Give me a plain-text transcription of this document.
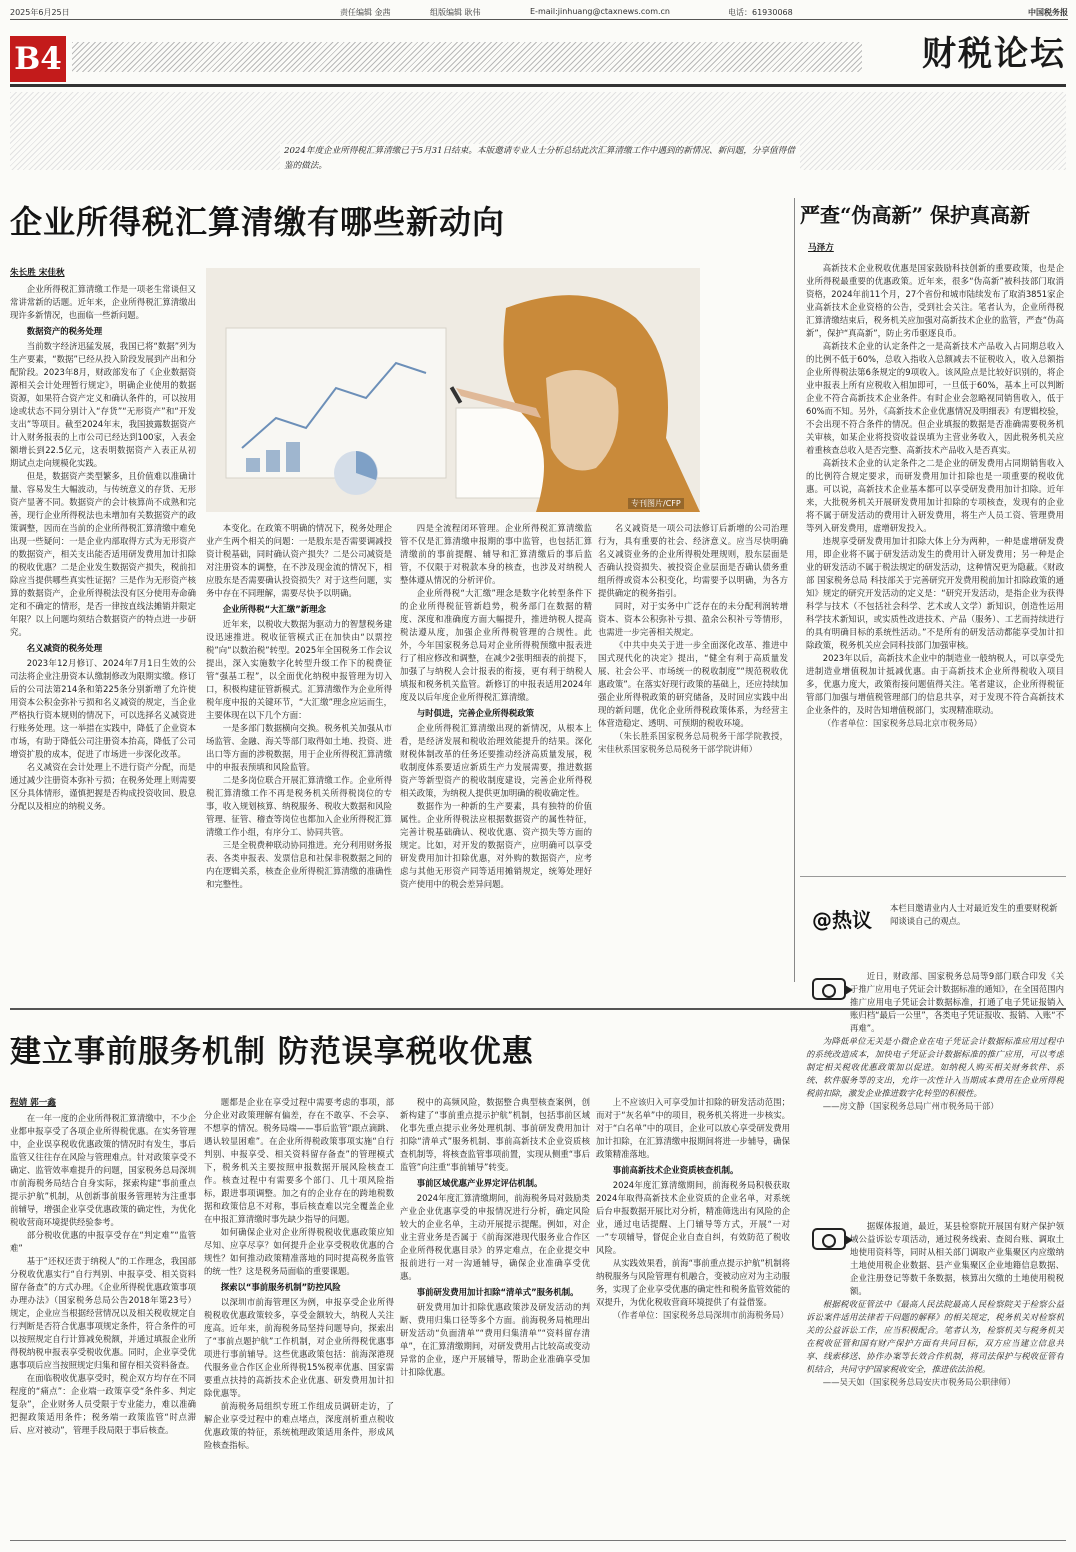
2025年6月25日	责任编辑 金茜	组版编辑 耿伟	E-mail:jinhuang@ctaxnews.com.cn	电话：61930068	中国税务报
B4	财税论坛
2024年度企业所得税汇算清缴已于5月31日结束。本版邀请专业人士分析总结此次汇算清缴工作中遇到的新情况、新问题，分享值得借鉴的做法。
企业所得税汇算清缴有哪些新动向
朱长胜 宋佳秋
专刊图片/CFP

企业所得税汇算清缴工作是一项老生常谈但又常讲常新的话题。近年来，企业所得税汇算清缴出现许多新情况，也面临一些新问题。

数据资产的税务处理

当前数字经济迅猛发展，我国已将“数据”列为生产要素，“数据”已经从投入阶段发展到产出和分配阶段。2023年8月，财政部发布了《企业数据资源相关会计处理暂行规定》，明确企业使用的数据资源，如果符合资产定义和确认条件的，可以按用途或状态不同分别计入“存货”“无形资产”和“开发支出”等项目。截至2024年末，我国披露数据资产计入财务报表的上市公司已经达到100家，入表金额增长到22.5亿元，这表明数据资产入表正从初期试点走向规模化实践。

但是，数据资产类型繁多，且价值难以准确计量、容易发生大幅波动，与传统意义的存货、无形资产显著不同。数据资产的会计核算尚不成熟和完善，现行企业所得税法也未增加有关数据资产的政策调整，因而在当前的企业所得税汇算清缴中难免出现一些疑问：一是企业内部取得方式为无形资产的数据资产，相关支出能否适用研发费用加计扣除的税收优惠？二是企业发生数据资产损失，税前扣除应当提供哪些真实性证据？三是作为无形资产核算的数据资产，企业所得税法没有区分使用寿命确定和不确定的情形，是否一律按直线法摊销并限定年限？以上问题均须结合数据资产的特点进一步研究。

名义减资的税务处理

2023年12月修订、2024年7月1日生效的公司法将企业注册资本认缴制修改为限期实缴。修订后的公司法第214条和第225条分别新增了允许使用资本公积金弥补亏损和名义减资的规定，当企业严格执行资本规则的情况下，可以选择名义减资进行账务处理。这一举措在实践中，降低了企业资本市场，有助于降低公司注册资本抬高，降低了公司增资扩股的成本，促进了市场进一步深化改革。

名义减资在会计处理上不进行资产分配，而是通过减少注册资本弥补亏损；在税务处理上则需要区分具体情形，谨慎把握是否构成投资收回、股息分配以及相应的纳税义务。

本变化。在政策不明确的情况下，税务处理企业产生两个相关的问题：一是股东是否需要调减投资计税基础，同时确认资产损失？二是公司减资是对注册资本的调整，在不涉及现金流的情况下，相应股东是否需要确认投资损失？对于这些问题，实务中存在不同理解，需要尽快予以明确。

企业所得税“大汇缴”新理念

近年来，以税收大数据为驱动力的智慧税务建设迅速推进。税收征管模式正在加快由“以票控税”向“以数治税”转型。2025年全国税务工作会议提出，深入实施数字化转型升级工作下的税费征管“强基工程”，以全面优化纳税申报管理为切入口，积极构建征管新模式。汇算清缴作为企业所得税年度申报的关键环节，“大汇缴”理念应运而生，主要体现在以下几个方面：

一是多部门数据横向交换。税务机关加强从市场监管、金融、海关等部门取得如土地、投资、进出口等方面的涉税数据，用于企业所得税汇算清缴中的申报表预填和风险监管。

二是多岗位联合开展汇算清缴工作。企业所得税汇算清缴工作不再是税务机关所得税岗位的专事，收入规划核算、纳税服务、税收大数据和风险管理、征管、稽查等岗位也都加入企业所得税汇算清缴工作小组，有序分工、协同共管。

三是全税费种联动协同推进。充分利用财务报表、各类申报表、发票信息和社保非税数据之间的内在逻辑关系，核查企业所得税汇算清缴的准确性和完整性。

四是全流程闭环管理。企业所得税汇算清缴监管不仅是汇算清缴申报期的事中监管，也包括汇算清缴前的事前提醒、辅导和汇算清缴后的事后监管，不仅限于对税款本身的核查，也涉及对纳税人整体遵从情况的分析评价。

企业所得税“大汇缴”理念是数字化转型条件下的企业所得税征管新趋势，税务部门在数据的精度、深度和准确度方面大幅提升，推进纳税人提高税法遵从度，加强企业所得税管理的合规性。此外，今年国家税务总局对企业所得税预缴申报表进行了相应修改和调整，在减少2张明细表的前提下，加强了与纳税人会计报表的衔接，更有利于纳税人填报和税务机关监管。新修订的申报表适用2024年度及以后年度企业所得税汇算清缴。

与时俱进，完善企业所得税政策

企业所得税汇算清缴出现的新情况，从根本上看，是经济发展和税收治理效能提升的结果。深化财税体制改革的任务还要推动经济高质量发展，税收制度体系要适应新质生产力发展需要，推进数据资产等新型资产的税收制度建设，完善企业所得税相关政策，为纳税人提供更加明确的税收确定性。

数据作为一种新的生产要素，具有独特的价值属性。企业所得税法应根据数据资产的属性特征，完善计税基础确认、税收优惠、资产损失等方面的规定。比如，对开发的数据资产，应明确可以享受研发费用加计扣除优惠，对外购的数据资产，应考虑与其他无形资产同等适用摊销规定，统筹处理好资产使用中的税会差异问题。

名义减资是一项公司法修订后新增的公司治理行为，具有重要的社会、经济意义。应当尽快明确名义减资业务的企业所得税处理规则，股东层面是否确认投资损失、被投资企业层面是否确认债务重组所得或资本公积变化，均需要予以明确，为各方提供确定的税务指引。

同时，对于实务中广泛存在的未分配利润转增资本、资本公积弥补亏损、盈余公积补亏等情形，也需进一步完善相关规定。

《中共中央关于进一步全面深化改革、推进中国式现代化的决定》提出，“健全有利于高质量发展、社会公平、市场统一的税收制度”“规范税收优惠政策”。在落实好现行政策的基础上，还应持续加强企业所得税政策的研究储备，及时回应实践中出现的新问题，优化企业所得税政策体系，为经营主体营造稳定、透明、可预期的税收环境。

（朱长胜系国家税务总局税务干部学院教授，宋佳秋系国家税务总局税务干部学院讲师）

严查“伪高新” 保护真高新
马泽方

高新技术企业税收优惠是国家鼓励科技创新的重要政策，也是企业所得税最重要的优惠政策。近年来，很多“伪高新”被科技部门取消资格，2024年前11个月，27个省份和城市陆续发布了取消3851家企业高新技术企业资格的公告，受到社会关注。笔者认为，企业所得税汇算清缴结束后，税务机关应加强对高新技术企业的监管，严查“伪高新”，保护“真高新”，防止劣币驱逐良币。

高新技术企业的认定条件之一是高新技术产品收入占同期总收入的比例不低于60%，总收入指收入总额减去不征税收入，收入总额指企业所得税法第6条规定的9项收入。该风险点是比较好识别的，将企业申报表上所有应税收入相加即可，一旦低于60%，基本上可以判断企业不符合高新技术企业条件。有时企业会忽略视同销售收入，低于60%而不知。另外，《高新技术企业优惠情况及明细表》有逻辑校验，不会出现不符合条件的情况。但企业填报的数据是否准确需要税务机关审核，如某企业将投资收益误填为主营业务收入，因此税务机关应着重核查总收入是否完整、高新技术产品收入是否真实。

高新技术企业的认定条件之二是企业的研发费用占同期销售收入的比例符合规定要求，而研发费用加计扣除也是一项重要的税收优惠。可以说，高新技术企业基本都可以享受研发费用加计扣除。近年来，大批税务机关开展研发费用加计扣除的专项核查，发现有的企业将不属于研发活动的费用计入研发费用，将生产人员工资、管理费用等列入研发费用，虚增研发投入。

违规享受研发费用加计扣除大体上分为两种，一种是虚增研发费用，即企业将不属于研发活动发生的费用计入研发费用；另一种是企业的研发活动不属于税法规定的研发活动，这种情况更为隐蔽。《财政部 国家税务总局 科技部关于完善研究开发费用税前加计扣除政策的通知》规定的研究开发活动的定义是：“研究开发活动，是指企业为获得科学与技术（不包括社会科学、艺术或人文学）新知识，创造性运用科学技术新知识，或实质性改进技术、产品（服务）、工艺而持续进行的具有明确目标的系统性活动。”不是所有的研发活动都能享受加计扣除政策，税务机关应会同科技部门加强审核。

2023年以后，高新技术企业中的制造业一般纳税人，可以享受先进制造业增值税加计抵减优惠。由于高新技术企业所得税收入项目多，优惠力度大，政策衔接问题值得关注。笔者建议，企业所得税征管部门加强与增值税管理部门的信息共享，对于发现不符合高新技术企业条件的，及时告知增值税部门，实现精准联动。

（作者单位：国家税务总局北京市税务局）

@热议 本栏目邀请业内人士对最近发生的重要财税新闻谈谈自己的观点。

近日，财政部、国家税务总局等9部门联合印发《关于推广应用电子凭证会计数据标准的通知》，在全国范围内推广应用电子凭证会计数据标准，打通了电子凭证报销入账归档“最后一公里”，各类电子凭证报收、报销、入账“不再难”。

为降低单位无关是小微企业在电子凭证会计数据标准应用过程中的系统改造成本，加快电子凭证会计数据标准的推广应用，可以考虑制定相关税收优惠政策加以促进。如纳税人购买相关财务软件、系统、软件服务等的支出，允许一次性计入当期成本费用在企业所得税税前扣除，激发企业推进数字化转型的积极性。

——房文静（国家税务总局广州市税务局干部）

据媒体报道，最近，某县检察院开展国有财产保护领域公益诉讼专项活动，通过税务线索、查阅台账、调取土地使用资料等，同时从相关部门调取产业集聚区内应缴纳土地使用税企业数据、县产业集聚区企业地籍信息数据、企业注册登记等数千条数据，核算出欠缴的土地使用税税额。

根据税收征管法中《最高人民法院最高人民检察院关于检察公益诉讼案件适用法律若干问题的解释》的相关规定，税务机关对检察机关的公益诉讼工作，应当积极配合。笔者认为，检察机关与税务机关在税收征管和国有财产保护方面有共同目标，双方应当建立信息共享、线索移送、协作办案等长效合作机制，将司法保护与税收征管有机结合，共同守护国家税收安全，推进依法治税。

——吴天如（国家税务总局安庆市税务局公职律师）

建立事前服务机制 防范误享税收优惠
程婧 郭一鑫

在一年一度的企业所得税汇算清缴中，不少企业都申报享受了各项企业所得税优惠。在实务管理中，企业误享税收优惠政策的情况时有发生，事后监管又往往存在风险与管理难点。针对政策享受不确定、监管效率难提升的问题，国家税务总局深圳市前海税务局结合自身实际，探索构建“事前重点提示护航”机制，从创新事前服务管理转为注重事前辅导，增强企业享受优惠政策的确定性，为优化税收营商环境提供经验参考。

部分税收优惠的申报享受存在“判定难”“监管难”

基于“还权还责于纳税人”的工作理念，我国部分税收优惠实行“自行判别、申报享受、相关资料留存备查”的方式办理。《企业所得税优惠政策事项办理办法》（国家税务总局公告2018年第23号）规定，企业应当根据经营情况以及相关税收规定自行判断是否符合优惠事项规定条件，符合条件的可以按照规定自行计算减免税额，并通过填报企业所得税纳税申报表享受税收优惠。同时，企业享受优惠事项后应当按照规定归集和留存相关资料备查。

在面临税收优惠享受时，税企双方均存在不同程度的“痛点”：企业端一政策享受“条件多、判定复杂”，企业财务人员受限于专业能力，难以准确把握政策适用条件；税务端一政策监管“时点滞后、应对被动”，管理手段局限于事后核查。

题都是企业在享受过程中需要考虑的事项，部分企业对政策理解有偏差，存在不敢享、不会享、不想享的情况。税务局端——事后监管“跟点滴跳、遇认较显困难”。在企业所得税政策事项实施“自行判别、申报享受、相关资料留存备查”的管理模式下，税务机关主要按照申报数据开展风险核查工作。核查过程中有需要多个部门、几十项风险指标，跟进事项调整。加之有的企业存在的跨地税数据和政策信息不对称，事后核查难以完全覆盖企业在申报汇算清缴时事先缺少指导的问题。

如何确保企业对企业所得税税收优惠政策应知尽知、应享尽享？如何提升企业享受税收优惠的合规性？如何推动政策精准落地的同时提高税务监管的统一性？这是税务局面临的重要课题。

探索以“事前服务机制”防控风险

以深圳市前海管理区为例，申报享受企业所得税税收优惠政策较多，享受金额较大，纳税人关注度高。近年来，前海税务局坚持问题导向，探索出了“事前点题护航”工作机制，对企业所得税优惠事项进行事前辅导。这些优惠政策包括：前海深港现代服务业合作区企业所得税15%税率优惠、国家需要重点扶持的高新技术企业优惠、研发费用加计扣除优惠等。

前海税务局组织专班工作组成员调研走访，了解企业享受过程中的难点堵点，深度剖析重点税收优惠政策的特征，系统梳理政策适用条件，形成风险核查指标。

税中的高频风险，数据整合典型核查案例，创新构建了“事前重点提示护航”机制，包括事前区域化事先重点提示业务处理机制、事前研发费用加计扣除“清单式”服务机制、事前高新技术企业资质核查机制等，将核查监管事项前置，实现从侧重“事后监管”向注重“事前辅导”转变。

事前区域优惠产业界定评估机制。

2024年度汇算清缴期间，前海税务局对鼓励类产业企业优惠享受的申报情况进行分析，确定风险较大的企业名单，主动开展提示提醒。例如，对企业主营业务是否属于《前海深港现代服务业合作区企业所得税优惠目录》的界定难点，在企业提交申报前进行一对一沟通辅导，确保企业准确享受优惠。

事前研发费用加计扣除“清单式”服务机制。

研发费用加计扣除优惠政策涉及研发活动的判断、费用归集口径等多个方面。前海税务局梳理出研发活动“负面清单”“费用归集清单”“资料留存清单”，在汇算清缴期间，对研发费用占比较高或变动异常的企业，逐户开展辅导，帮助企业准确享受加计扣除优惠。

上不应该归入可享受加计扣除的研发活动范围；而对于“灰名单”中的项目，税务机关将进一步核实。对于“白名单”中的项目，企业可以放心享受研发费用加计扣除，在汇算清缴申报期间将进一步辅导，确保政策精准落地。

事前高新技术企业资质核查机制。

2024年度汇算清缴期间，前海税务局积极获取2024年取得高新技术企业资质的企业名单，对系统后台申报数据开展比对分析，精准筛选出有风险的企业，通过电话提醒、上门辅导等方式，开展“一对一”专项辅导，督促企业自查自纠，有效防范了税收风险。

从实践效果看，前海“事前重点提示护航”机制将纳税服务与风险管理有机融合，变被动应对为主动服务，实现了企业享受优惠的确定性和税务监管效能的双提升，为优化税收营商环境提供了有益借鉴。

（作者单位：国家税务总局深圳市前海税务局）
